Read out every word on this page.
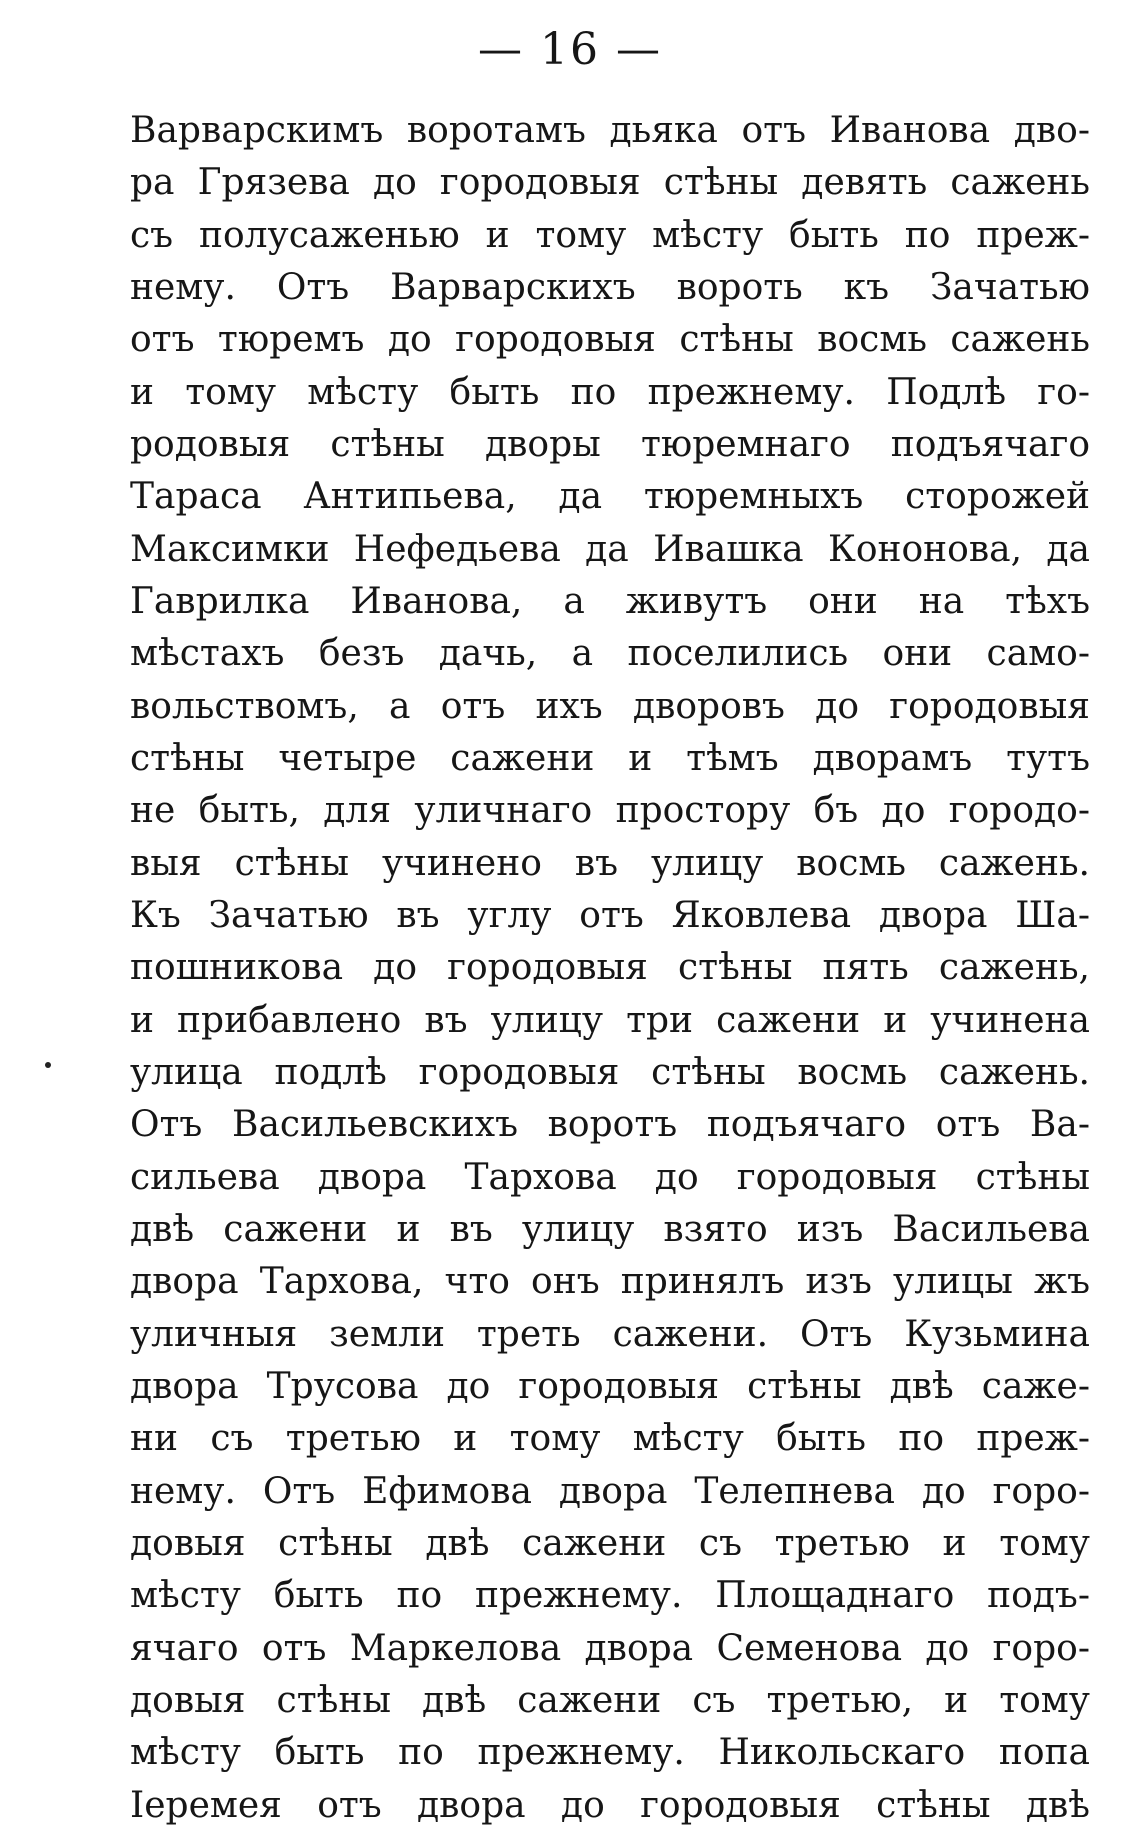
— 16 —
Варварскимъ воротамъ дьяка отъ Иванова дво-
ра Грязева до городовыя стѣны девять сажень
съ полусаженью и тому мѣсту быть по преж-
нему. Отъ Варварскихъ вороть къ Зачатью
отъ тюремъ до городовыя стѣны восмь сажень
и тому мѣсту быть по прежнему. Подлѣ го-
родовыя стѣны дворы тюремнаго подъячаго
Тараса Антипьева, да тюремныхъ сторожей
Максимки Нефедьева да Ивашка Кононова, да
Гаврилка Иванова, а живутъ они на тѣхъ
мѣстахъ безъ дачь, а поселились они само-
вольствомъ, а отъ ихъ дворовъ до городовыя
стѣны четыре сажени и тѣмъ дворамъ тутъ
не быть, для уличнаго простору бъ до городо-
выя стѣны учинено въ улицу восмь сажень.
Къ Зачатью въ углу отъ Яковлева двора Ша-
пошникова до городовыя стѣны пять сажень,
и прибавлено въ улицу три сажени и учинена
улица подлѣ городовыя стѣны восмь сажень.
Отъ Васильевскихъ воротъ подъячаго отъ Ва-
сильева двора Тархова до городовыя стѣны
двѣ сажени и въ улицу взято изъ Васильева
двора Тархова, что онъ принялъ изъ улицы жъ
уличныя земли треть сажени. Отъ Кузьмина
двора Трусова до городовыя стѣны двѣ саже-
ни съ третью и тому мѣсту быть по преж-
нему. Отъ Ефимова двора Телепнева до горо-
довыя стѣны двѣ сажени съ третью и тому
мѣсту быть по прежнему. Площаднаго подъ-
ячаго отъ Маркелова двора Семенова до горо-
довыя стѣны двѣ сажени съ третью, и тому
мѣсту быть по прежнему. Никольскаго попа
Іеремея отъ двора до городовыя стѣны двѣ
